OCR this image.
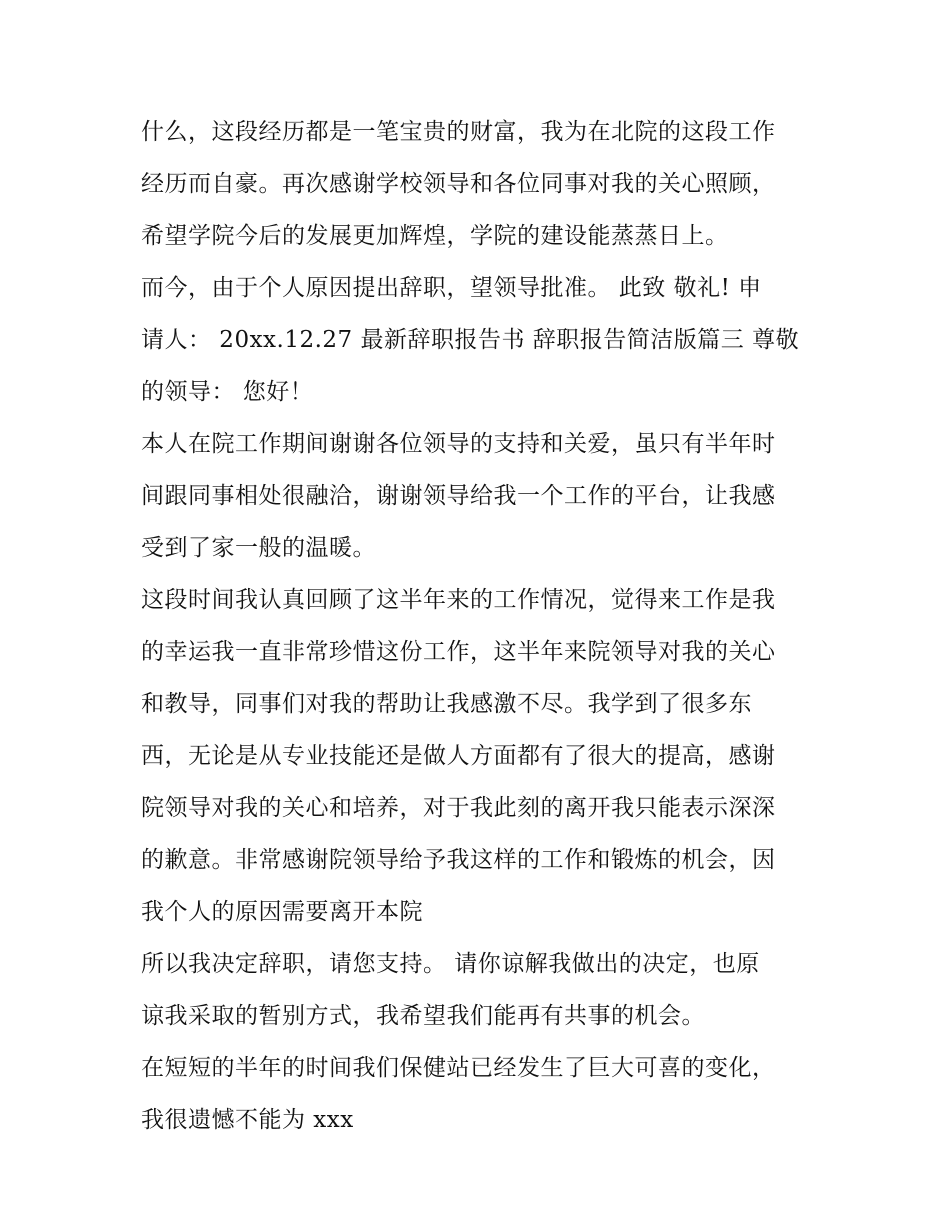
什么，这段经历都是一笔宝贵的财富，我为在北院的这段工作
经历而自豪。再次感谢学校领导和各位同事对我的关心照顾，
希望学院今后的发展更加辉煌，学院的建设能蒸蒸日上。
而今，由于个人原因提出辞职，望领导批准。 此致 敬礼! 申
请人： 20xx.12.27 最新辞职报告书 辞职报告简洁版篇三 尊敬
的领导： 您好！
本人在院工作期间谢谢各位领导的支持和关爱，虽只有半年时
间跟同事相处很融洽，谢谢领导给我一个工作的平台，让我感
受到了家一般的温暖。
这段时间我认真回顾了这半年来的工作情况，觉得来工作是我
的幸运我一直非常珍惜这份工作，这半年来院领导对我的关心
和教导，同事们对我的帮助让我感激不尽。我学到了很多东
西，无论是从专业技能还是做人方面都有了很大的提高，感谢
院领导对我的关心和培养，对于我此刻的离开我只能表示深深
的歉意。非常感谢院领导给予我这样的工作和锻炼的机会，因
我个人的原因需要离开本院
所以我决定辞职，请您支持。 请你谅解我做出的决定，也原
谅我采取的暂别方式，我希望我们能再有共事的机会。
在短短的半年的时间我们保健站已经发生了巨大可喜的变化，
我很遗憾不能为 xxx
